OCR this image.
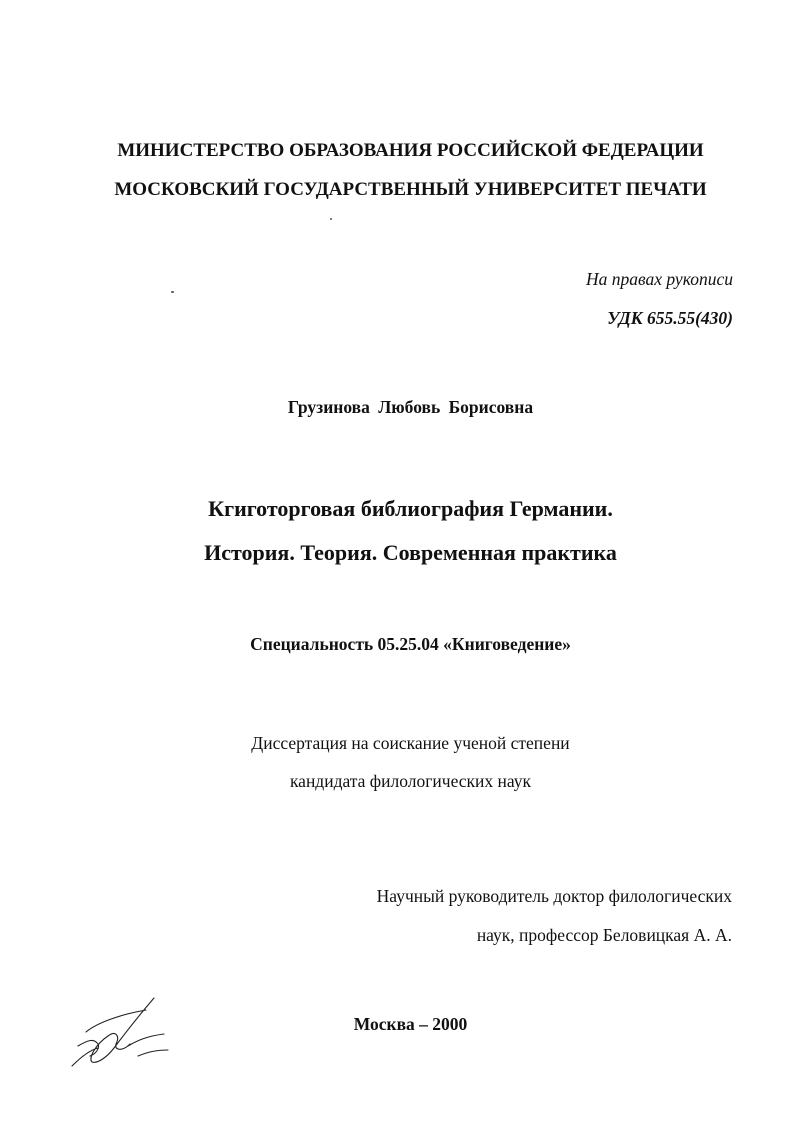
МИНИСТЕРСТВО ОБРАЗОВАНИЯ РОССИЙСКОЙ ФЕДЕРАЦИИ
МОСКОВСКИЙ ГОСУДАРСТВЕННЫЙ УНИВЕРСИТЕТ ПЕЧАТИ
На правах рукописи
УДК 655.55(430)
Грузинова Любовь Борисовна
Кгиготорговая библиография Германии.
История. Теория. Современная практика
Специальность 05.25.04 «Книговедение»
Диссертация на соискание ученой степени
кандидата филологических наук
Научный руководитель доктор филологических
наук, профессор Беловицкая А. А.
Москва – 2000
